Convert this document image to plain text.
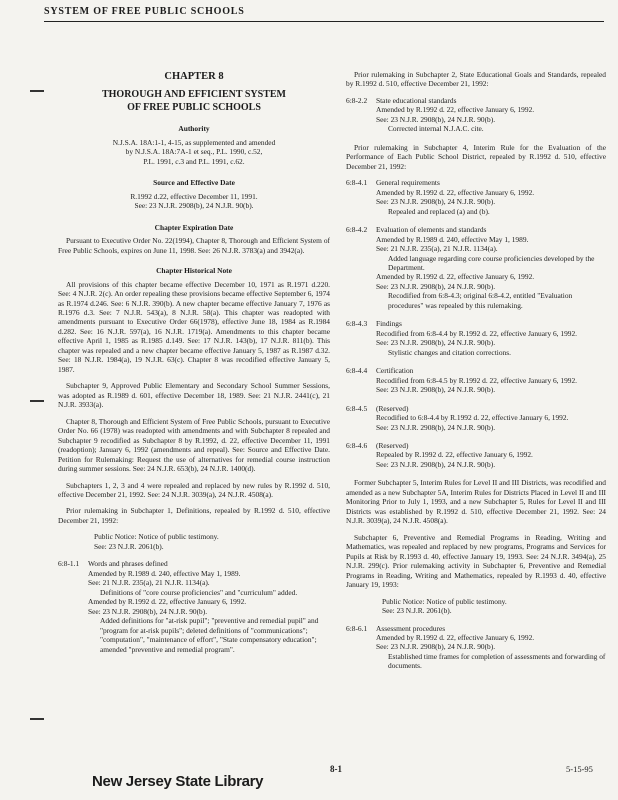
SYSTEM OF FREE PUBLIC SCHOOLS
CHAPTER 8
THOROUGH AND EFFICIENT SYSTEM
OF FREE PUBLIC SCHOOLS
Authority
N.J.S.A. 18A:1-1, 4-15, as supplemented and amended
by N.J.S.A. 18A:7A-1 et seq., P.L. 1990, c.52,
P.L. 1991, c.3 and P.L. 1991, c.62.
Source and Effective Date
R.1992 d.22, effective December 11, 1991.
See: 23 N.J.R. 2908(b), 24 N.J.R. 90(b).
Chapter Expiration Date

Pursuant to Executive Order No. 22(1994), Chapter 8, Thorough and Efficient System of Free Public Schools, expires on June 11, 1998. See: 26 N.J.R. 3783(a) and 3942(a).

Chapter Historical Note

All provisions of this chapter became effective December 10, 1971 as R.1971 d.220. See: 4 N.J.R. 2(c). An order repealing these provisions became effective September 6, 1974 as R.1974 d.246. See: 6 N.J.R. 390(b). A new chapter became effective January 7, 1976 as R.1976 d.3. See: 7 N.J.R. 543(a), 8 N.J.R. 58(a). This chapter was readopted with amendments pursuant to Executive Order 66(1978), effective June 18, 1984 as R.1984 d.282. See: 16 N.J.R. 597(a), 16 N.J.R. 1719(a). Amendments to this chapter became effective April 1, 1985 as R.1985 d.149. See: 17 N.J.R. 143(b), 17 N.J.R. 811(b). This chapter was repealed and a new chapter became effective January 5, 1987 as R.1987 d.32. See: 18 N.J.R. 1984(a), 19 N.J.R. 63(c). Chapter 8 was recodified effective January 5, 1987.

Subchapter 9, Approved Public Elementary and Secondary School Summer Sessions, was adopted as R.1989 d. 601, effective December 18, 1989. See: 21 N.J.R. 2441(c), 21 N.J.R. 3933(a).

Chapter 8, Thorough and Efficient System of Free Public Schools, pursuant to Executive Order No. 66 (1978) was readopted with amendments and with Subchapter 8 repealed and Subchapter 9 recodified as Subchapter 8 by R.1992, d. 22, effective December 11, 1991 (readoption); January 6, 1992 (amendments and repeal). See: Source and Effective Date. Petition for Rulemaking: Request the use of alternatives for remedial course instruction during summer sessions. See: 24 N.J.R. 653(b), 24 N.J.R. 1400(d).

Subchapters 1, 2, 3 and 4 were repealed and replaced by new rules by R.1992 d. 510, effective December 21, 1992. See: 24 N.J.R. 3039(a), 24 N.J.R. 4508(a).

Prior rulemaking in Subchapter 1, Definitions, repealed by R.1992 d. 510, effective December 21, 1992:

Public Notice: Notice of public testimony.
See: 23 N.J.R. 2061(b).
6:8-1.1	Words and phrases defined
Amended by R.1989 d. 240, effective May 1, 1989.
See: 21 N.J.R. 235(a), 21 N.J.R. 1134(a).
Definitions of "core course proficiencies" and "curriculum" added.
Amended by R.1992 d. 22, effective January 6, 1992.
See: 23 N.J.R. 2908(b), 24 N.J.R. 90(b).
Added definitions for "at-risk pupil"; "preventive and remedial pupil" and "program for at-risk pupils"; deleted definitions of "communications"; "computation", "maintenance of effort", "State compensatory education"; amended "preventive and remedial program".

Prior rulemaking in Subchapter 2, State Educational Goals and Standards, repealed by R.1992 d. 510, effective December 21, 1992:

6:8-2.2	State educational standards
Amended by R.1992 d. 22, effective January 6, 1992.
See: 23 N.J.R. 2908(b), 24 N.J.R. 90(b).
Corrected internal N.J.A.C. cite.

Prior rulemaking in Subchapter 4, Interim Rule for the Evaluation of the Performance of Each Public School District, repealed by R.1992 d. 510, effective December 21, 1992:

6:8-4.1	General requirements
Amended by R.1992 d. 22, effective January 6, 1992.
See: 23 N.J.R. 2908(b), 24 N.J.R. 90(b).
Repealed and replaced (a) and (b).
6:8-4.2	Evaluation of elements and standards
Amended by R.1989 d. 240, effective May 1, 1989.
See: 21 N.J.R. 235(a), 21 N.J.R. 1134(a).
Added language regarding core course proficiencies developed by the Department.
Amended by R.1992 d. 22, effective January 6, 1992.
See: 23 N.J.R. 2908(b), 24 N.J.R. 90(b).
Recodified from 6:8-4.3; original 6:8-4.2, entitled "Evaluation procedures" was repealed by this rulemaking.
6:8-4.3	Findings
Recodified from 6:8-4.4 by R.1992 d. 22, effective January 6, 1992.
See: 23 N.J.R. 2908(b), 24 N.J.R. 90(b).
Stylistic changes and citation corrections.
6:8-4.4	Certification
Recodified from 6:8-4.5 by R.1992 d. 22, effective January 6, 1992.
See: 23 N.J.R. 2908(b), 24 N.J.R. 90(b).
6:8-4.5	(Reserved)
Recodified to 6:8-4.4 by R.1992 d. 22, effective January 6, 1992.
See: 23 N.J.R. 2908(b), 24 N.J.R. 90(b).
6:8-4.6	(Reserved)
Repealed by R.1992 d. 22, effective January 6, 1992.
See: 23 N.J.R. 2908(b), 24 N.J.R. 90(b).

Former Subchapter 5, Interim Rules for Level II and III Districts, was recodified and amended as a new Subchapter 5A, Interim Rules for Districts Placed in Level II and III Monitoring Prior to July 1, 1993, and a new Subchapter 5, Rules for Level II and III Districts was established by R.1992 d. 510, effective December 21, 1992. See: 24 N.J.R. 3039(a), 24 N.J.R. 4508(a).

Subchapter 6, Preventive and Remedial Programs in Reading, Writing and Mathematics, was repealed and replaced by new programs, Programs and Services for Pupils at Risk by R.1993 d. 40, effective January 19, 1993. See: 24 N.J.R. 3494(a), 25 N.J.R. 299(c). Prior rulemaking activity in Subchapter 6, Preventive and Remedial Programs in Reading, Writing and Mathematics, repealed by R.1993 d. 40, effective January 19, 1993:

Public Notice: Notice of public testimony.
See: 23 N.J.R. 2061(b).
6:8-6.1	Assessment procedures
Amended by R.1992 d. 22, effective January 6, 1992.
See: 23 N.J.R. 2908(b), 24 N.J.R. 90(b).
Established time frames for completion of assessments and forwarding of documents.
New Jersey State Library
8-1	5-15-95
